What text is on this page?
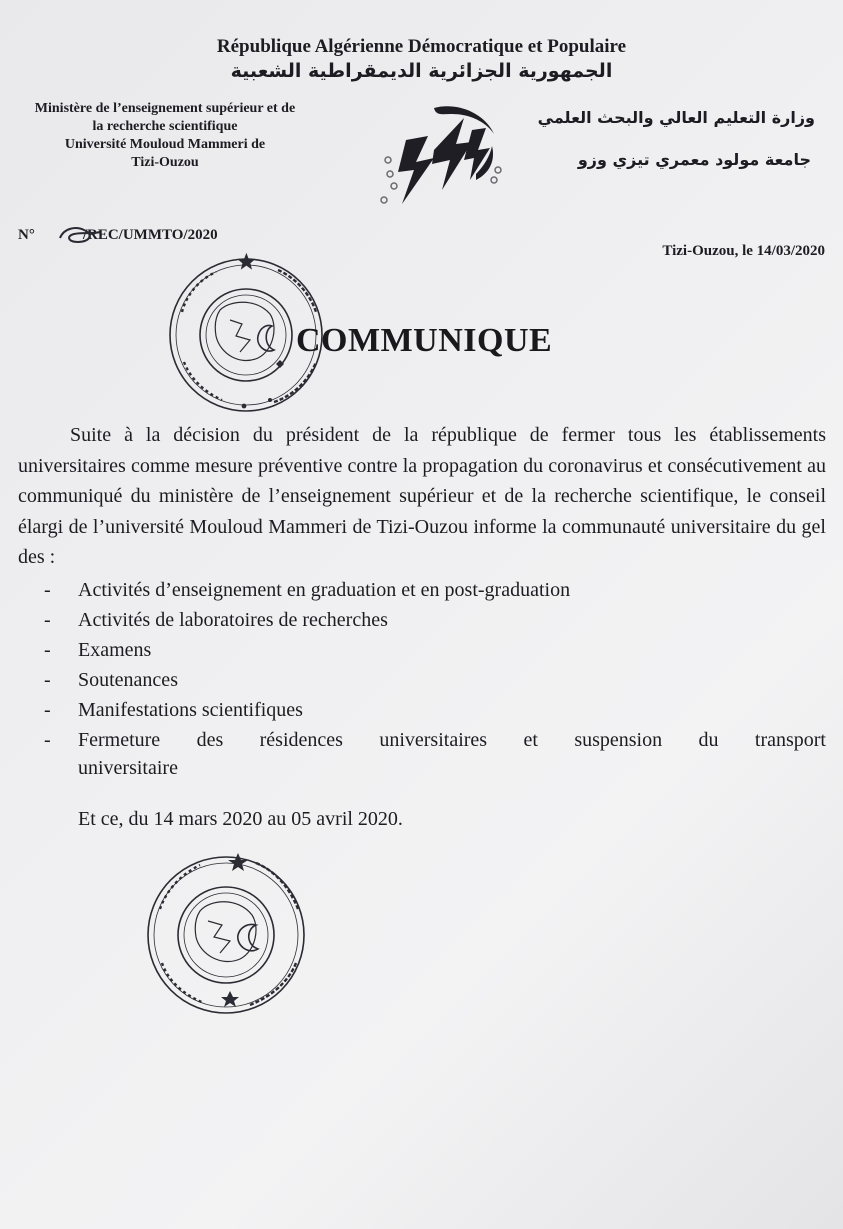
République Algérienne Démocratique et Populaire
الجمهورية الجزائرية الديمقراطية الشعبية
Ministère de l’enseignement supérieur et de
la recherche scientifique
Université Mouloud Mammeri de
Tizi-Ouzou
وزارة التعليم العالي والبحث العلمي
جامعة مولود معمري تيزي وزو
N°	/REC/UMMTO/2020
Tizi-Ouzou, le 14/03/2020
COMMUNIQUE
Suite à la décision du président de la république de fermer tous les établissements universitaires comme mesure préventive contre la propagation du coronavirus et consécutivement au communiqué du ministère de l’enseignement supérieur et de la recherche scientifique, le conseil élargi de l’université Mouloud Mammeri de Tizi-Ouzou informe la communauté universitaire du gel des :
- Activités d’enseignement en graduation et en post-graduation
- Activités de laboratoires de recherches
- Examens
- Soutenances
- Manifestations scientifiques
- Fermeture des résidences universitaires et suspension du transport
universitaire
Et ce, du 14 mars 2020 au 05 avril 2020.
